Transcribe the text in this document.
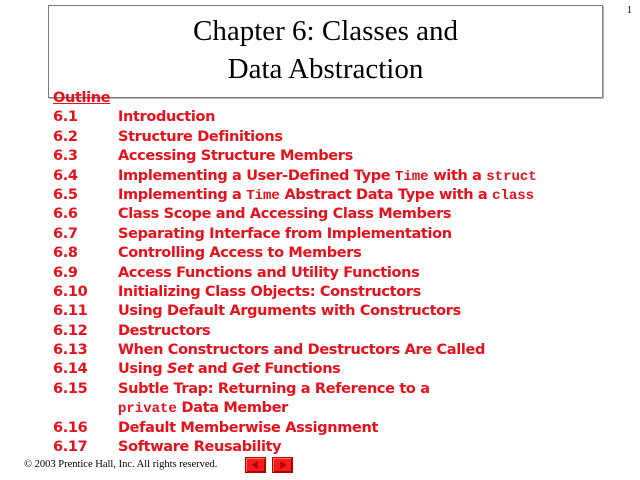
1
Chapter 6: Classes and
Data Abstraction
Outline
6.1	Introduction
6.2	Structure Definitions
6.3	Accessing Structure Members
6.4	Implementing a User-Defined Type Time with a struct
6.5	Implementing a Time Abstract Data Type with a class
6.6	Class Scope and Accessing Class Members
6.7	Separating Interface from Implementation
6.8	Controlling Access to Members
6.9	Access Functions and Utility Functions
6.10	Initializing Class Objects: Constructors
6.11	Using Default Arguments with Constructors
6.12	Destructors
6.13	When Constructors and Destructors Are Called
6.14	Using Set and Get Functions
6.15	Subtle Trap: Returning a Reference to a
private Data Member
6.16	Default Memberwise Assignment
6.17	Software Reusability
© 2003 Prentice Hall, Inc. All rights reserved.
